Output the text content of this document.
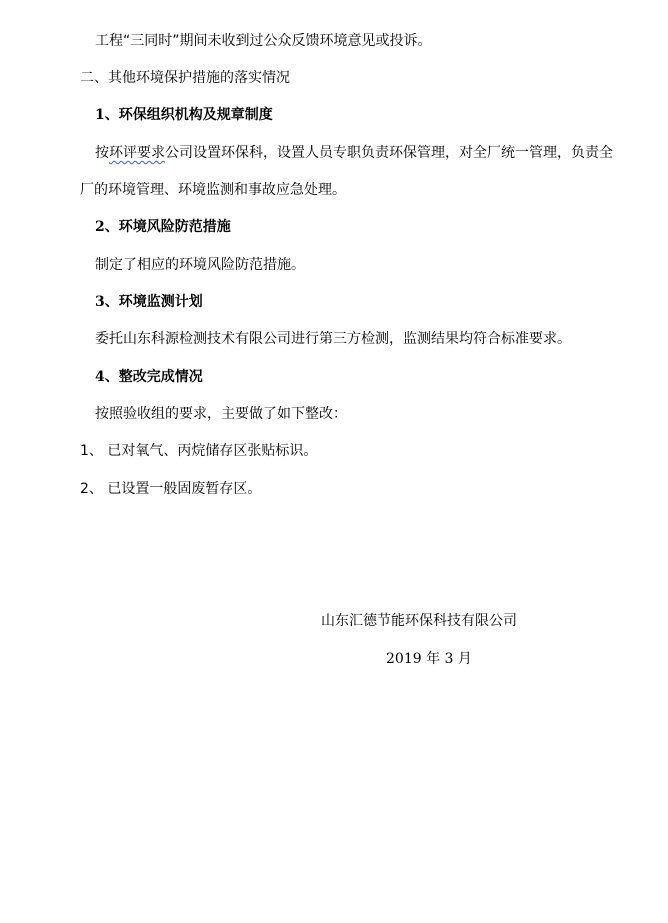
工程“三同时”期间未收到过公众反馈环境意见或投诉。
二、其他环境保护措施的落实情况
1、环保组织机构及规章制度
按环评要求公司设置环保科，设置人员专职负责环保管理，对全厂统一管理，负责全
厂的环境管理、环境监测和事故应急处理。
2、环境风险防范措施
制定了相应的环境风险防范措施。
3、环境监测计划
委托山东科源检测技术有限公司进行第三方检测，监测结果均符合标准要求。
4、整改完成情况
按照验收组的要求，主要做了如下整改：
1、 已对氧气、丙烷储存区张贴标识。
2、 已设置一般固废暂存区。
山东汇德节能环保科技有限公司
2019 年 3 月
